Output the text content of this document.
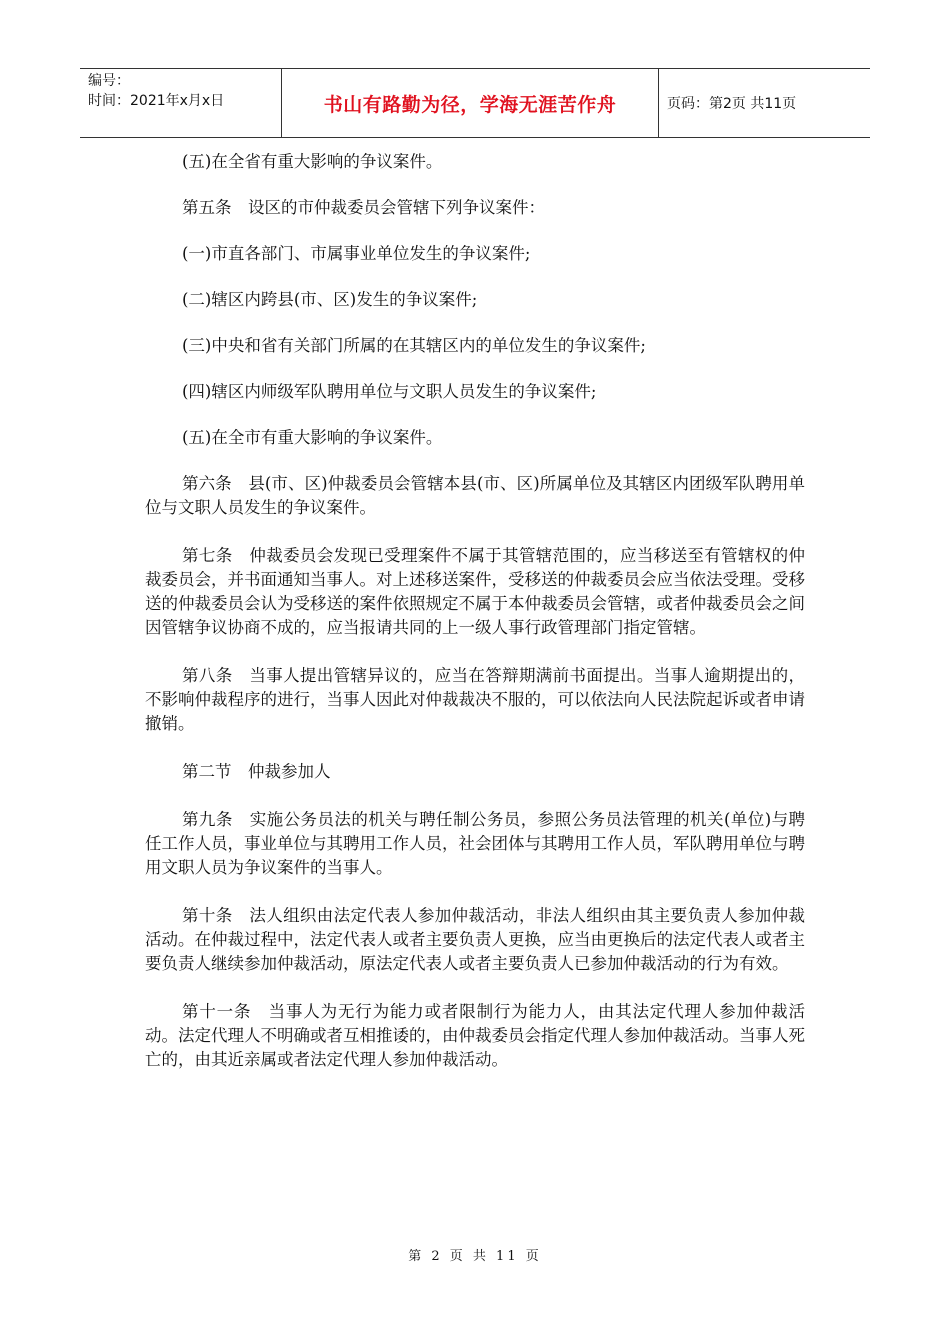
编号：
时间：2021年x月x日	书山有路勤为径，学海无涯苦作舟	页码：第2页 共11页

(五)在全省有重大影响的争议案件。

第五条　设区的市仲裁委员会管辖下列争议案件：

(一)市直各部门、市属事业单位发生的争议案件;

(二)辖区内跨县(市、区)发生的争议案件;

(三)中央和省有关部门所属的在其辖区内的单位发生的争议案件;

(四)辖区内师级军队聘用单位与文职人员发生的争议案件;

(五)在全市有重大影响的争议案件。

第六条　县(市、区)仲裁委员会管辖本县(市、区)所属单位及其辖区内团级军队聘用单位与文职人员发生的争议案件。

第七条　仲裁委员会发现已受理案件不属于其管辖范围的，应当移送至有管辖权的仲裁委员会，并书面通知当事人。对上述移送案件，受移送的仲裁委员会应当依法受理。受移送的仲裁委员会认为受移送的案件依照规定不属于本仲裁委员会管辖，或者仲裁委员会之间因管辖争议协商不成的，应当报请共同的上一级人事行政管理部门指定管辖。

第八条　当事人提出管辖异议的，应当在答辩期满前书面提出。当事人逾期提出的，不影响仲裁程序的进行，当事人因此对仲裁裁决不服的，可以依法向人民法院起诉或者申请撤销。

第二节　仲裁参加人

第九条　实施公务员法的机关与聘任制公务员，参照公务员法管理的机关(单位)与聘任工作人员，事业单位与其聘用工作人员，社会团体与其聘用工作人员，军队聘用单位与聘用文职人员为争议案件的当事人。

第十条　法人组织由法定代表人参加仲裁活动，非法人组织由其主要负责人参加仲裁活动。在仲裁过程中，法定代表人或者主要负责人更换，应当由更换后的法定代表人或者主要负责人继续参加仲裁活动，原法定代表人或者主要负责人已参加仲裁活动的行为有效。

第十一条　当事人为无行为能力或者限制行为能力人，由其法定代理人参加仲裁活动。法定代理人不明确或者互相推诿的，由仲裁委员会指定代理人参加仲裁活动。当事人死亡的，由其近亲属或者法定代理人参加仲裁活动。

第 2 页 共 11 页
